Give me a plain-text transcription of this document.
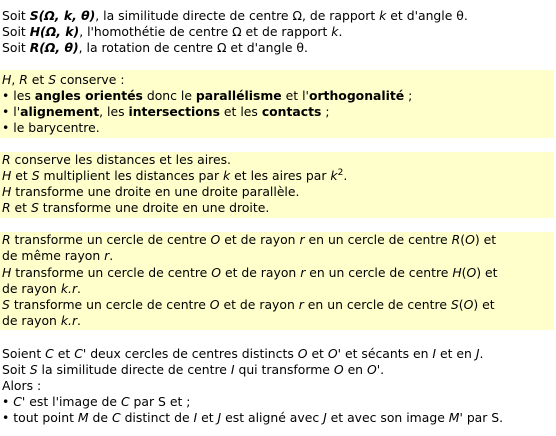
Soit S(Ω, k, θ), la similitude directe de centre Ω, de rapport k et d'angle θ.
Soit H(Ω, k), l'homothétie de centre Ω et de rapport k.
Soit R(Ω, θ), la rotation de centre Ω et d'angle θ.
H, R et S conserve :
• les angles orientés donc le parallélisme et l'orthogonalité ;
• l'alignement, les intersections et les contacts ;
• le barycentre.
R conserve les distances et les aires.
H et S multiplient les distances par k et les aires par $k^2$.
H transforme une droite en une droite parallèle.
R et S transforme une droite en une droite.
R transforme un cercle de centre O et de rayon r en un cercle de centre R(O) et
de même rayon r.
H transforme un cercle de centre O et de rayon r en un cercle de centre H(O) et
de rayon k.r.
S transforme un cercle de centre O et de rayon r en un cercle de centre S(O) et
de rayon k.r.
Soient C et C' deux cercles de centres distincts O et O' et sécants en I et en J.
Soit S la similitude directe de centre I qui transforme O en O'.
Alors :
• C' est l'image de C par S et ;
• tout point M de C distinct de I et J est aligné avec J et avec son image M' par S.
